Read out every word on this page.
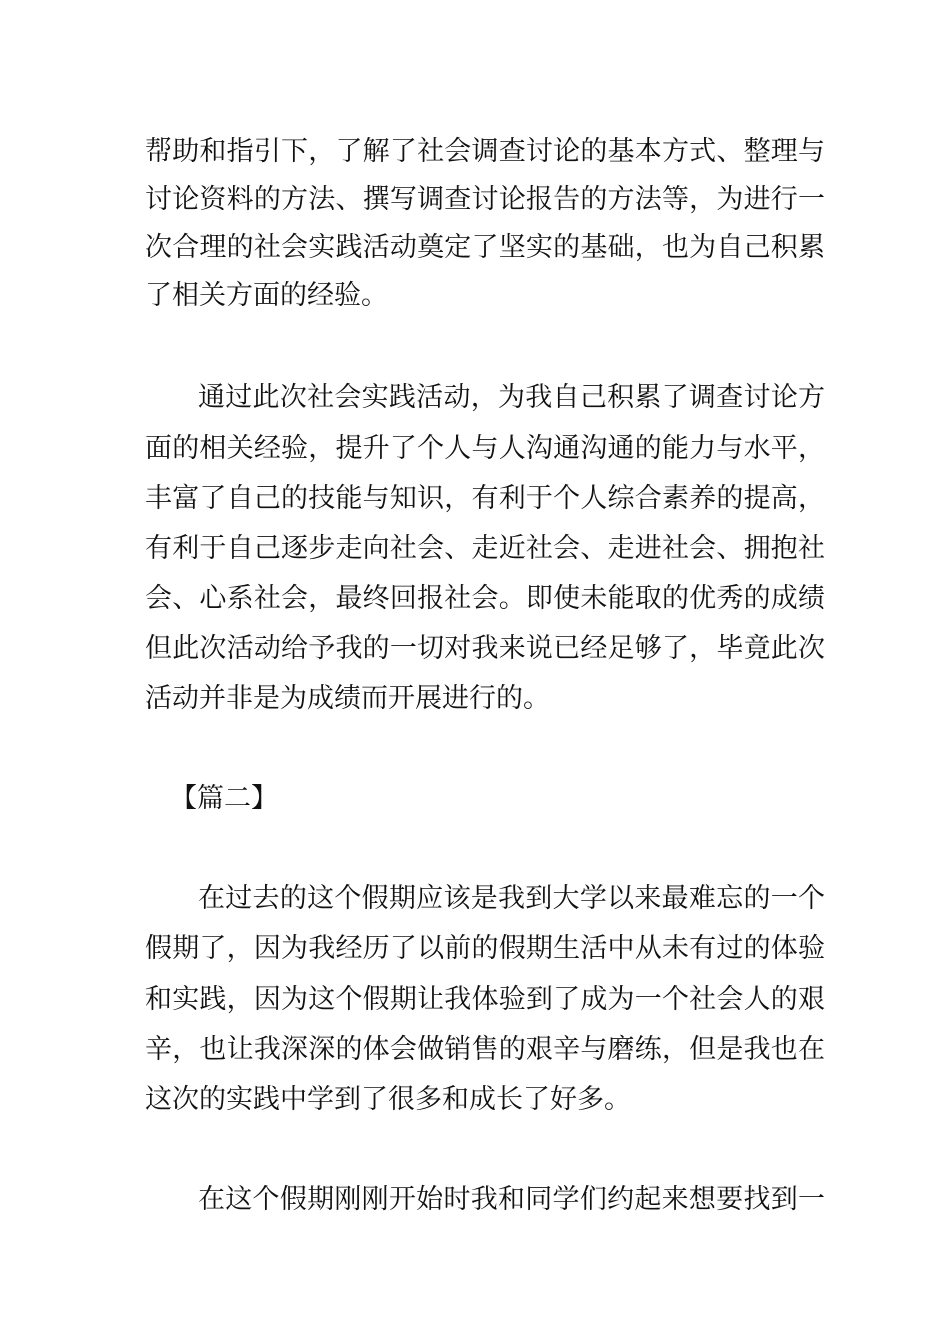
帮助和指引下，了解了社会调查讨论的基本方式、整理与
讨论资料的方法、撰写调查讨论报告的方法等，为进行一
次合理的社会实践活动奠定了坚实的基础，也为自己积累
了相关方面的经验。
通过此次社会实践活动，为我自己积累了调查讨论方
面的相关经验，提升了个人与人沟通沟通的能力与水平，
丰富了自己的技能与知识，有利于个人综合素养的提高，
有利于自己逐步走向社会、走近社会、走进社会、拥抱社
会、心系社会，最终回报社会。即使未能取的优秀的成绩
但此次活动给予我的一切对我来说已经足够了，毕竟此次
活动并非是为成绩而开展进行的。
【篇二】
在过去的这个假期应该是我到大学以来最难忘的一个
假期了，因为我经历了以前的假期生活中从未有过的体验
和实践，因为这个假期让我体验到了成为一个社会人的艰
辛，也让我深深的体会做销售的艰辛与磨练，但是我也在
这次的实践中学到了很多和成长了好多。
在这个假期刚刚开始时我和同学们约起来想要找到一
